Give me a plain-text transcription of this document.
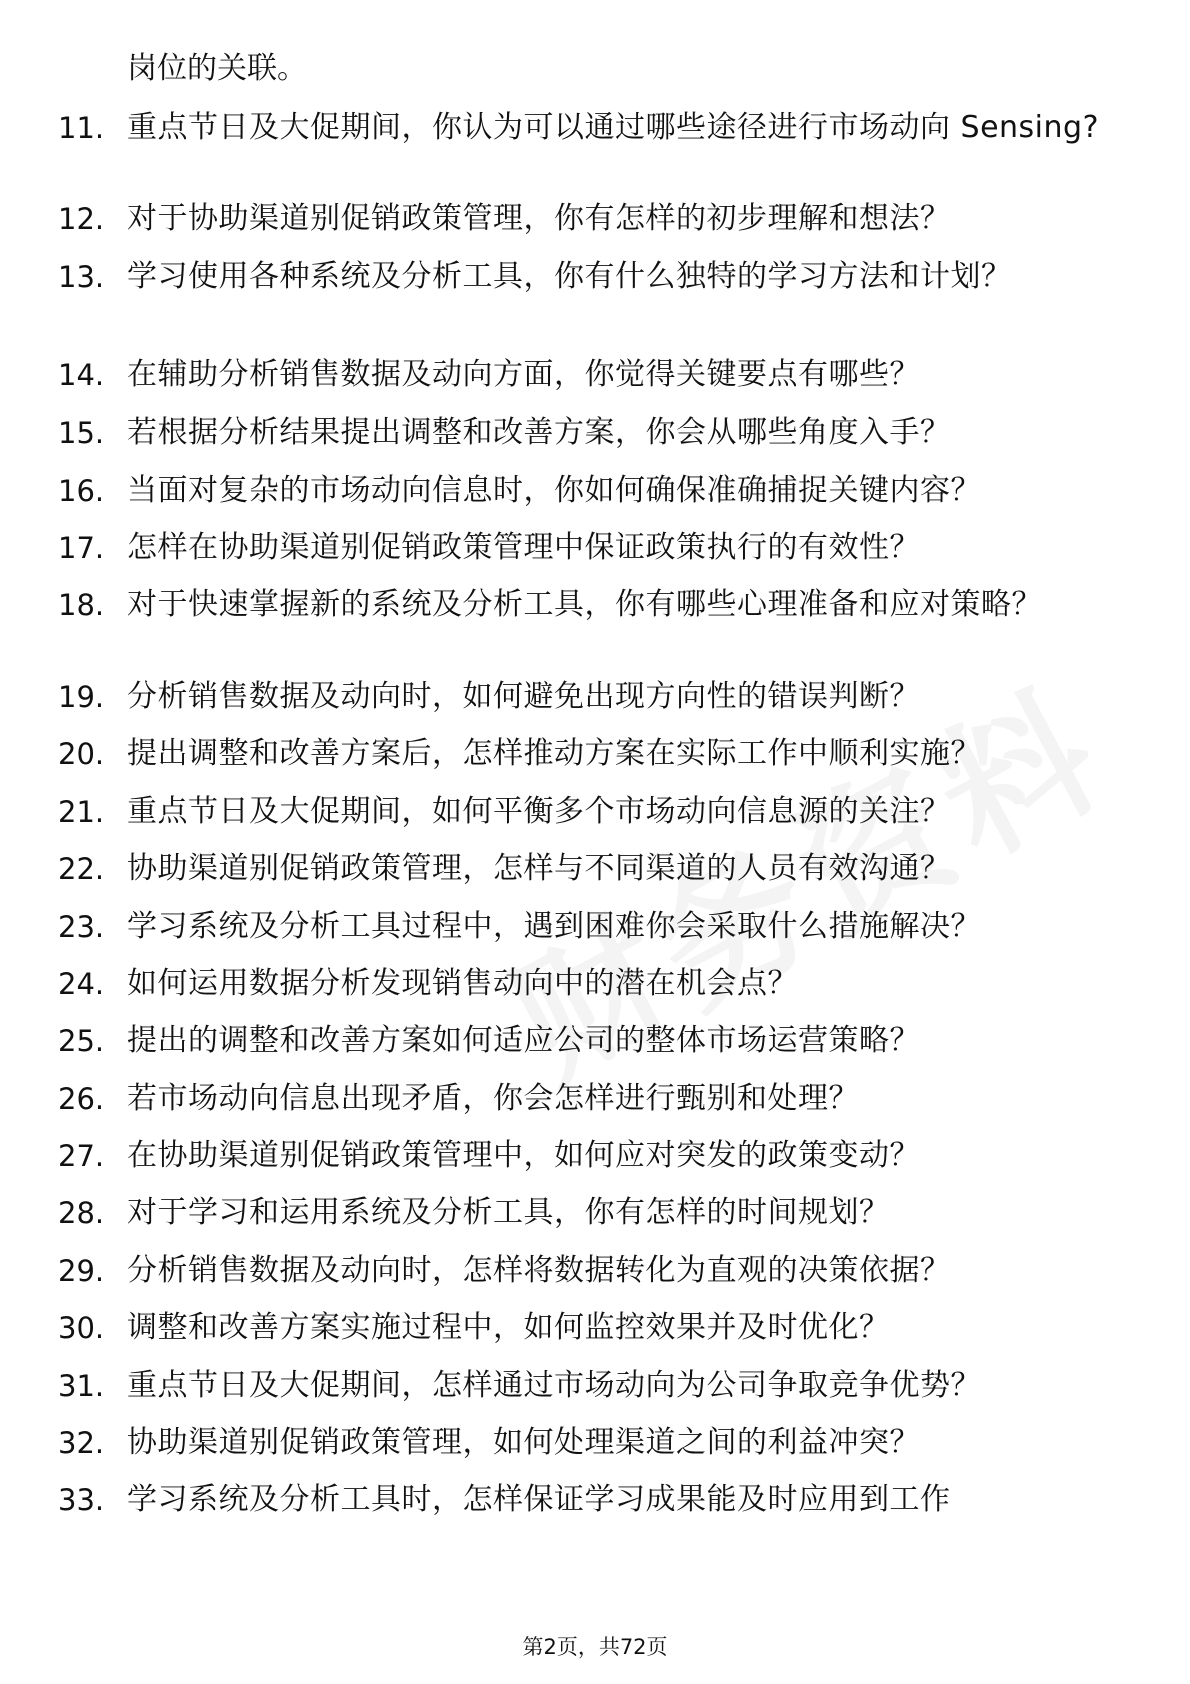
岗位的关联。

11. 重点节日及大促期间，你认为可以通过哪些途径进行市场动向 Sensing?
12. 对于协助渠道别促销政策管理，你有怎样的初步理解和想法？
13. 学习使用各种系统及分析工具，你有什么独特的学习方法和计划？
14. 在辅助分析销售数据及动向方面，你觉得关键要点有哪些？
15. 若根据分析结果提出调整和改善方案，你会从哪些角度入手？
16. 当面对复杂的市场动向信息时，你如何确保准确捕捉关键内容？
17. 怎样在协助渠道别促销政策管理中保证政策执行的有效性？
18. 对于快速掌握新的系统及分析工具，你有哪些心理准备和应对策略？
19. 分析销售数据及动向时，如何避免出现方向性的错误判断？
20. 提出调整和改善方案后，怎样推动方案在实际工作中顺利实施？
21. 重点节日及大促期间，如何平衡多个市场动向信息源的关注？
22. 协助渠道别促销政策管理，怎样与不同渠道的人员有效沟通？
23. 学习系统及分析工具过程中，遇到困难你会采取什么措施解决？
24. 如何运用数据分析发现销售动向中的潜在机会点？
25. 提出的调整和改善方案如何适应公司的整体市场运营策略？
26. 若市场动向信息出现矛盾，你会怎样进行甄别和处理？
27. 在协助渠道别促销政策管理中，如何应对突发的政策变动？
28. 对于学习和运用系统及分析工具，你有怎样的时间规划？
29. 分析销售数据及动向时，怎样将数据转化为直观的决策依据？
30. 调整和改善方案实施过程中，如何监控效果并及时优化？
31. 重点节日及大促期间，怎样通过市场动向为公司争取竞争优势？
32. 协助渠道别促销政策管理，如何处理渠道之间的利益冲突？
33. 学习系统及分析工具时，怎样保证学习成果能及时应用到工作
第2页，共72页
